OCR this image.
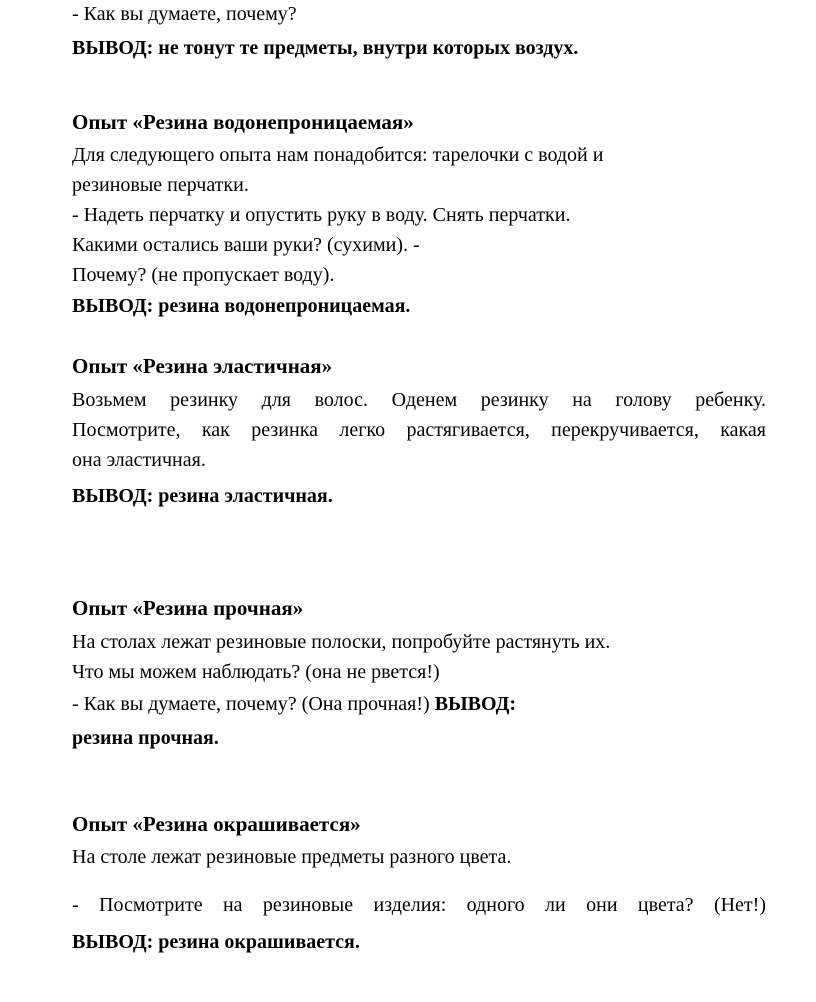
- Как вы думаете, почему?
ВЫВОД: не тонут те предметы, внутри которых воздух.
Опыт «Резина водонепроницаемая»
Для следующего опыта нам понадобится: тарелочки с водой и
резиновые перчатки.
- Надеть перчатку и опустить руку в воду. Снять перчатки.
Какими остались ваши руки? (сухими). -
Почему? (не пропускает воду).
ВЫВОД: резина водонепроницаемая.
Опыт «Резина эластичная»
Возьмем резинку для волос. Оденем резинку на голову ребенку.
Посмотрите, как резинка легко растягивается, перекручивается, какая
она эластичная.
ВЫВОД: резина эластичная.
Опыт «Резина прочная»
На столах лежат резиновые полоски, попробуйте растянуть их.
Что мы можем наблюдать? (она не рвется!)
- Как вы думаете, почему? (Она прочная!) ВЫВОД:
резина прочная.
Опыт «Резина окрашивается»
На столе лежат резиновые предметы разного цвета.
- Посмотрите на резиновые изделия: одного ли они цвета? (Нет!)
ВЫВОД: резина окрашивается.
